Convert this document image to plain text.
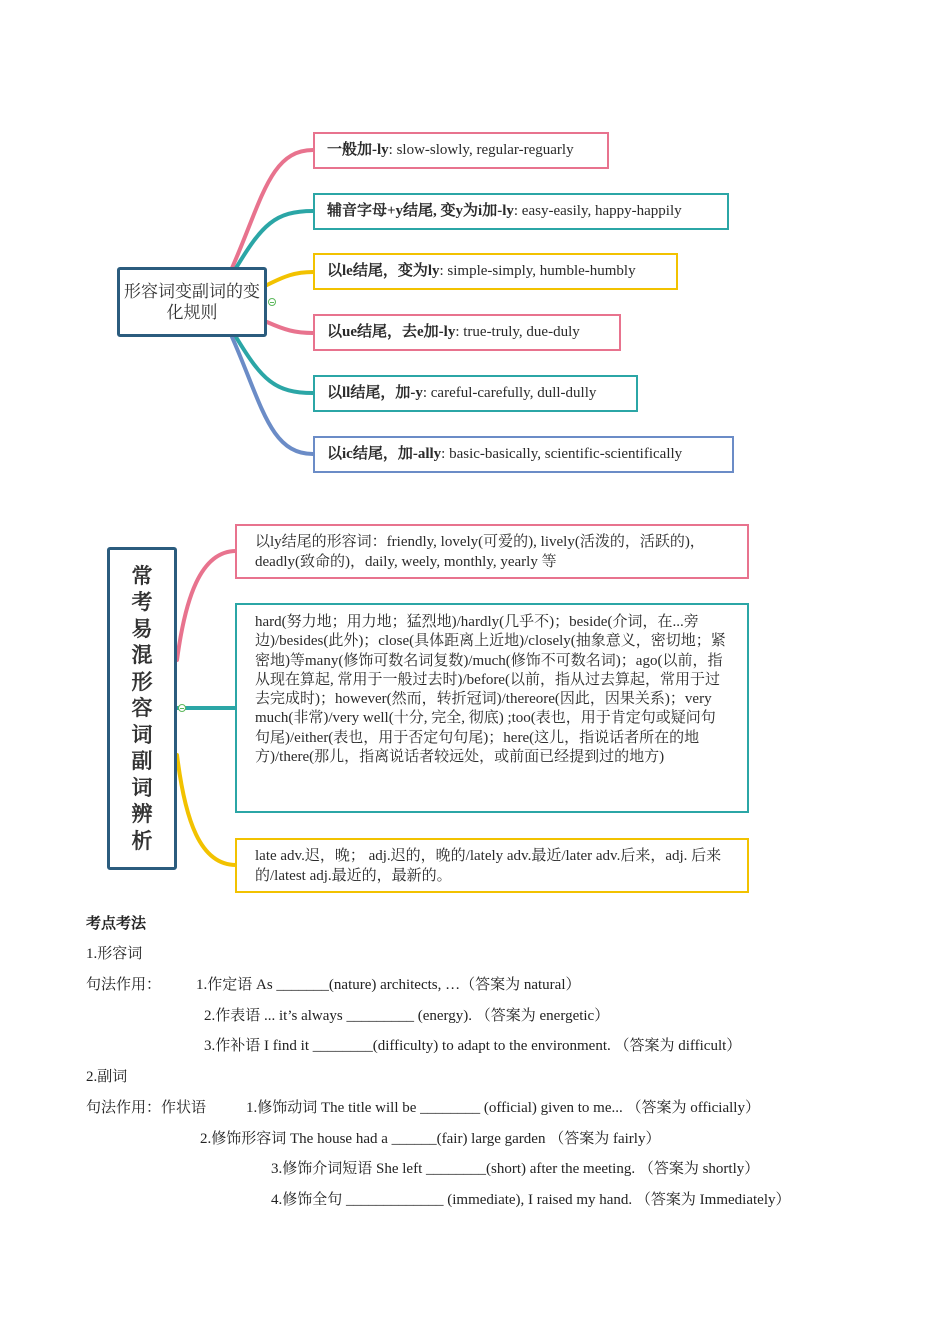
形容词变副词的变化规则
一般加-ly : slow-slowly, regular-reguarly
辅音字母+y结尾, 变y为i加-ly : easy-easily, happy-happily
以le结尾，变为ly : simple-simply, humble-humbly
以ue结尾，去e加-ly : true-truly, due-duly
以ll结尾，加-y : careful-carefully, dull-dully
以ic结尾，加-ally : basic-basically, scientific-scientifically
常考易混形容词副词辨析
以ly结尾的形容词：friendly, lovely(可爱的), lively(活泼的，活跃的)，deadly(致命的)，daily, weely, monthly, yearly 等
hard(努力地；用力地；猛烈地)/hardly(几乎不)；beside(介词，在...旁边)/besides(此外)；close(具体距离上近地)/closely(抽象意义，密切地；紧密地)等many(修饰可数名词复数)/much(修饰不可数名词)；ago(以前，指从现在算起, 常用于一般过去时)/before(以前，指从过去算起，常用于过去完成时)；however(然而，转折冠词)/thereore(因此，因果关系)；very much(非常)/very well(十分, 完全, 彻底) ;too(表也，用于肯定句或疑问句句尾)/either(表也，用于否定句句尾)；here(这儿，指说话者所在的地方)/there(那儿，指离说话者较远处，或前面已经提到过的地方)
late adv.迟，晚； adj.迟的，晚的/lately adv.最近/later adv.后来，adj. 后来的/latest adj.最近的，最新的。
考点考法
1.形容词
句法作用： 1.作定语 As _______(nature) architects, …（答案为 natural）
2.作表语 ... it’s always _________ (energy). （答案为 energetic）
3.作补语 I find it ________(difficulty) to adapt to the environment. （答案为 difficult）
2.副词
句法作用：作状语	1.修饰动词 The title will be ________ (official) given to me... （答案为 officially）
2.修饰形容词 The house had a ______(fair) large garden （答案为 fairly）
3.修饰介词短语 She left ________(short) after the meeting. （答案为 shortly）
4.修饰全句 _____________ (immediate), I raised my hand. （答案为 Immediately）
